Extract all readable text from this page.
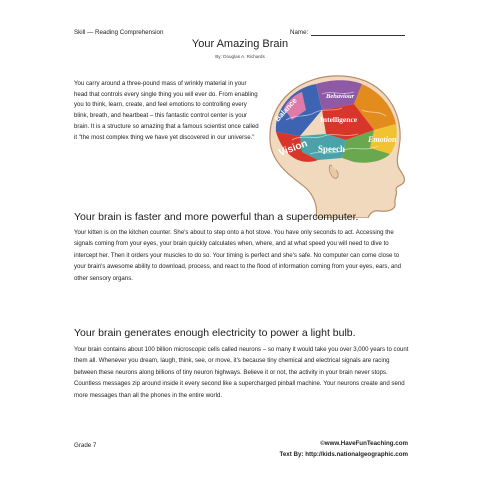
Skill — Reading Comprehension	Name:
Your Amazing Brain
By: Douglas A. Richards
You carry around a three-pound mass of wrinkly material in your head that controls every single thing you will ever do. From enabling you to think, learn, create, and feel emotions to controlling every blink, breath, and heartbeat – this fantastic control center is your brain. It is a structure so amazing that a famous scientist once called it "the most complex thing we have yet discovered in our universe."
Balance	Behaviour
Intelligence
Emotion
Speech
Vision
Your brain is faster and more powerful than a supercomputer.
Your kitten is on the kitchen counter. She's about to step onto a hot stove. You have only seconds to act. Accessing the signals coming from your eyes, your brain quickly calculates when, where, and at what speed you will need to dive to intercept her. Then it orders your muscles to do so. Your timing is perfect and she's safe. No computer can come close to your brain's awesome ability to download, process, and react to the flood of information coming from your eyes, ears, and other sensory organs.
Your brain generates enough electricity to power a light bulb.
Your brain contains about 100 billion microscopic cells called neurons – so many it would take you over 3,000 years to count them all. Whenever you dream, laugh, think, see, or move, it's because tiny chemical and electrical signals are racing between these neurons along billions of tiny neuron highways. Believe it or not, the activity in your brain never stops. Countless messages zip around inside it every second like a supercharged pinball machine. Your neurons create and send more messages than all the phones in the entire world.
Grade 7	©www.HaveFunTeaching.com
Text By: http://kids.nationalgeographic.com
